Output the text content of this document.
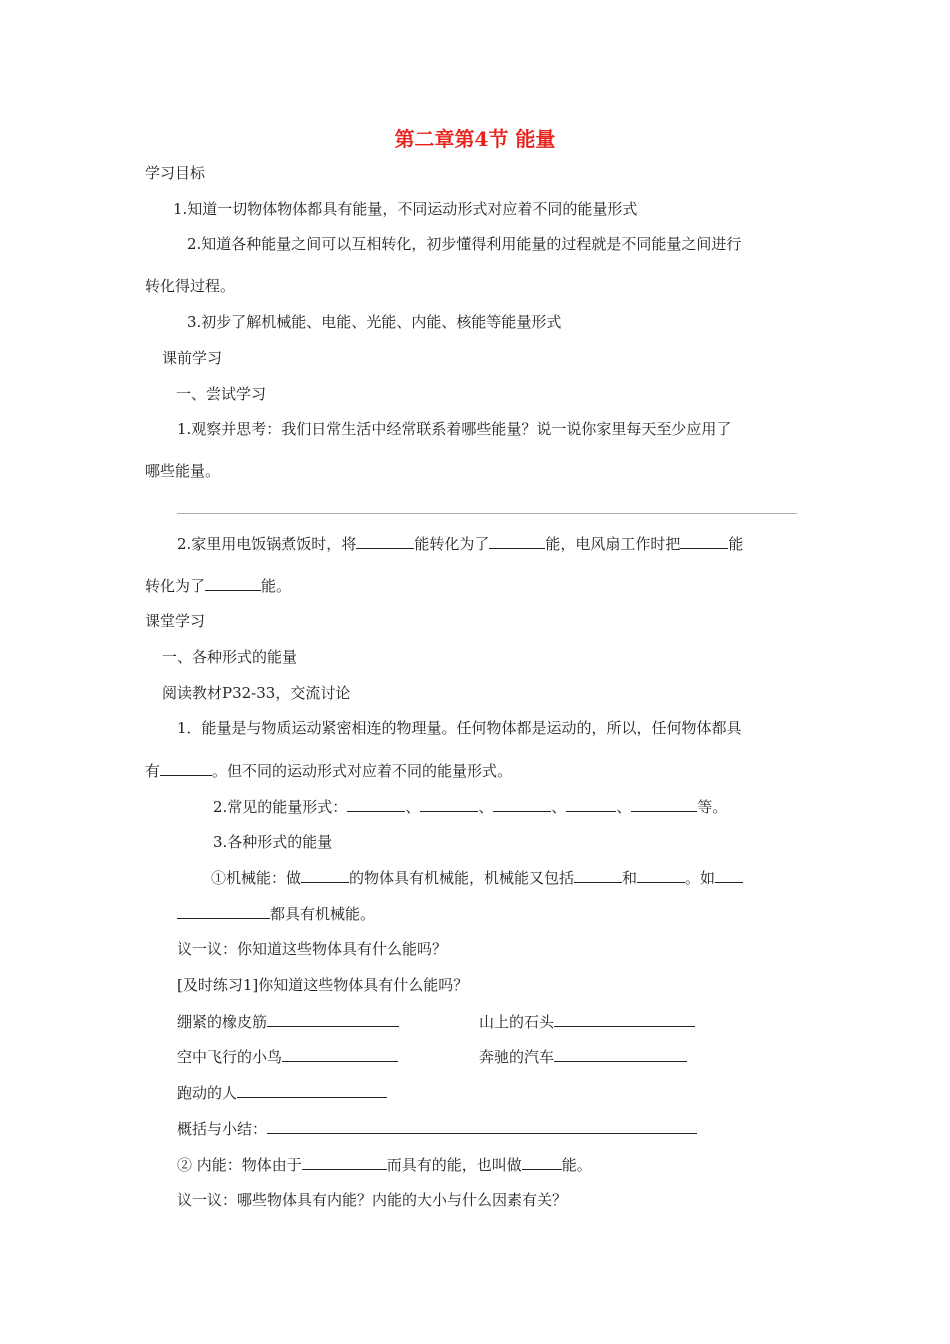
第二章第4节 能量
学习目标
1.知道一切物体物体都具有能量，不同运动形式对应着不同的能量形式
2.知道各种能量之间可以互相转化，初步懂得利用能量的过程就是不同能量之间进行
转化得过程。
3.初步了解机械能、电能、光能、内能、核能等能量形式
课前学习
一、尝试学习
1.观察并思考：我们日常生活中经常联系着哪些能量？说一说你家里每天至少应用了
哪些能量。
2.家里用电饭锅煮饭时，将	能转化为了	能，电风扇工作时把	能
转化为了	能。
课堂学习
一、各种形式的能量
阅读教材P32-33，交流讨论
1．能量是与物质运动紧密相连的物理量。任何物体都是运动的，所以，任何物体都具
有	。但不同的运动形式对应着不同的能量形式。
2.常见的能量形式：	、	、	、	、	等。
3.各种形式的能量
①机械能：做	的物体具有机械能，机械能又包括	和	。如
都具有机械能。
议一议：你知道这些物体具有什么能吗？
[及时练习1]你知道这些物体具有什么能吗？
绷紧的橡皮筋	山上的石头
空中飞行的小鸟	奔驰的汽车
跑动的人
概括与小结：
② 内能：物体由于	而具有的能，也叫做	能。
议一议：哪些物体具有内能？内能的大小与什么因素有关？
